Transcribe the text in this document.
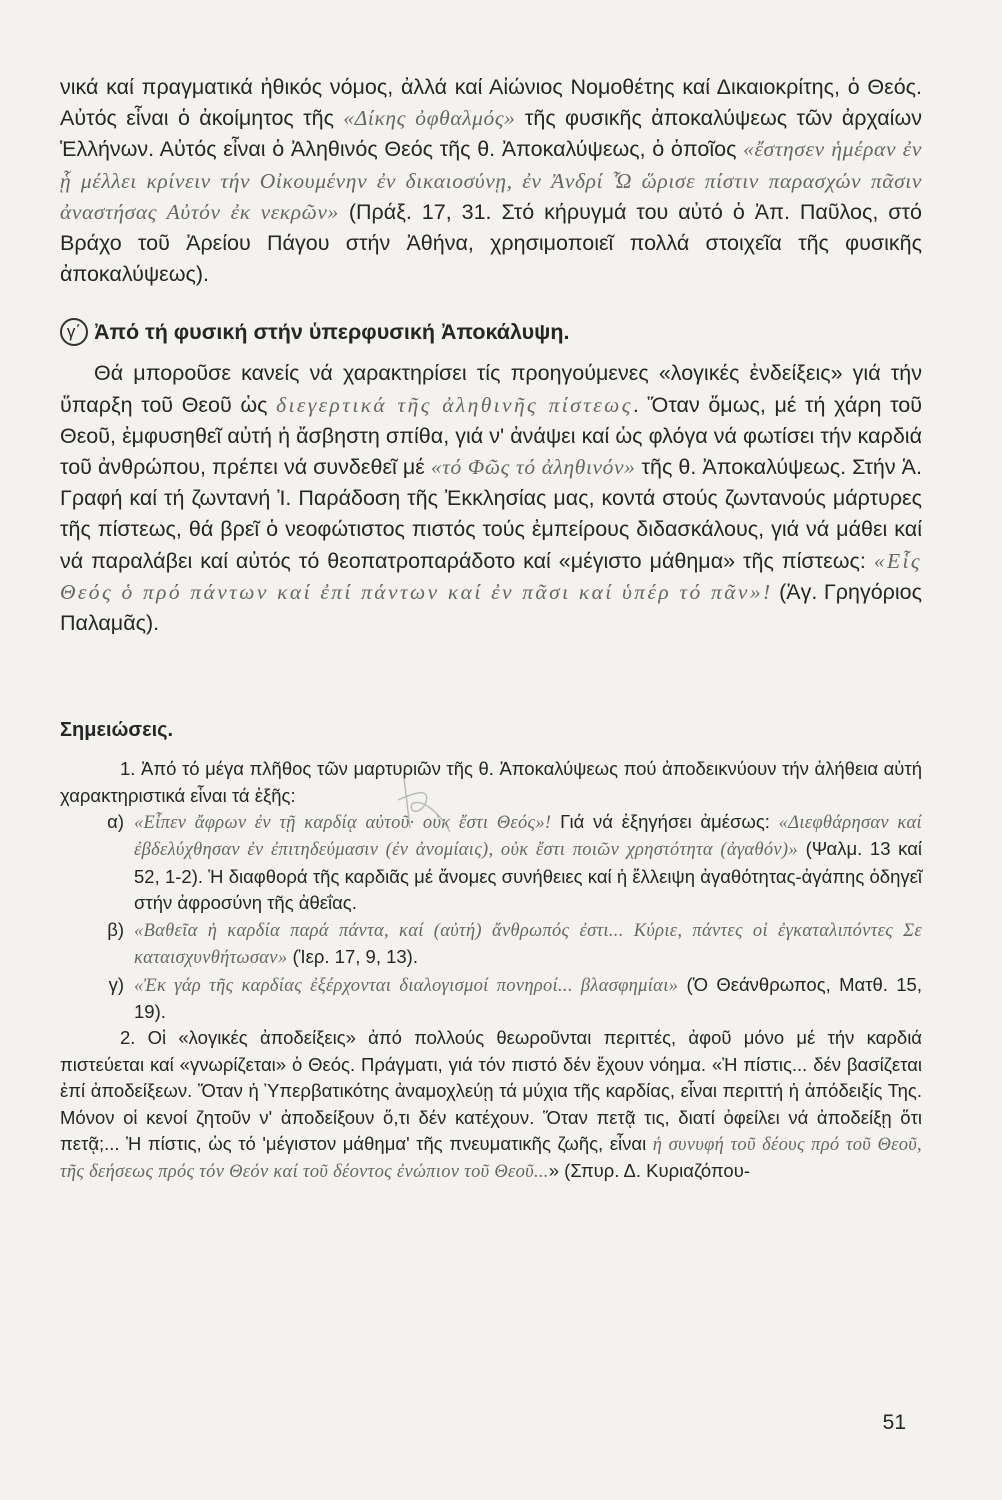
νικά καί πραγματικά ἠθικός νόμος, ἀλλά καί Αἰώνιος Νομοθέτης καί Δικαιοκρίτης, ὁ Θεός. Αὐτός εἶναι ὁ ἀκοίμητος τῆς «Δίκης ὀφθαλμός» τῆς φυσικῆς ἀποκαλύψεως τῶν ἀρχαίων Ἑλλήνων. Αὐτός εἶναι ὁ Ἀληθινός Θεός τῆς θ. Ἀποκαλύψεως, ὁ ὁποῖος «ἔστησεν ἡμέραν ἐν ᾗ μέλλει κρίνειν τήν Οἰκουμένην ἐν δικαιοσύνῃ, ἐν Ἀνδρί Ὧ ὥρισε πίστιν παρασχών πᾶσιν ἀναστήσας Αὐτόν ἐκ νεκρῶν» (Πράξ. 17, 31. Στό κήρυγμά του αὐτό ὁ Ἀπ. Παῦλος, στό Βράχο τοῦ Ἀρείου Πάγου στήν Ἀθήνα, χρησιμοποιεῖ πολλά στοιχεῖα τῆς φυσικῆς ἀποκαλύψεως).

γ΄ Ἀπό τή φυσική στήν ὑπερφυσική Ἀποκάλυψη.

Θά μποροῦσε κανείς νά χαρακτηρίσει τίς προηγούμενες «λογικές ἐνδείξεις» γιά τήν ὕπαρξη τοῦ Θεοῦ ὡς διεγερτικά τῆς ἀληθινῆς πίστεως. Ὅταν ὅμως, μέ τή χάρη τοῦ Θεοῦ, ἐμφυσηθεῖ αὐτή ἡ ἄσβηστη σπίθα, γιά ν' ἀνάψει καί ὡς φλόγα νά φωτίσει τήν καρδιά τοῦ ἀνθρώπου, πρέπει νά συνδεθεῖ μέ «τό Φῶς τό ἀληθινόν» τῆς θ. Ἀποκαλύψεως. Στήν Ἁ. Γραφή καί τή ζωντανή Ἱ. Παράδοση τῆς Ἐκκλησίας μας, κοντά στούς ζωντανούς μάρτυρες τῆς πίστεως, θά βρεῖ ὁ νεοφώτιστος πιστός τούς ἐμπείρους διδασκάλους, γιά νά μάθει καί νά παραλάβει καί αὐτός τό θεοπατροπαράδοτο καί «μέγιστο μάθημα» τῆς πίστεως: «Εἷς Θεός ὁ πρό πάντων καί ἐπί πάντων καί ἐν πᾶσι καί ὑπέρ τό πᾶν»! (Ἁγ. Γρηγόριος Παλαμᾶς).

Σημειώσεις.
1. Ἀπό τό μέγα πλῆθος τῶν μαρτυριῶν τῆς θ. Ἀποκαλύψεως πού ἀποδεικνύουν τήν ἀλήθεια αὐτή χαρακτηριστικά εἶναι τά ἑξῆς:
α) «Εἶπεν ἄφρων ἐν τῇ καρδίᾳ αὐτοῦ· οὐκ ἔστι Θεός»! Γιά νά ἐξηγήσει ἀμέσως: «Διεφθάρησαν καί ἐβδελύχθησαν ἐν ἐπιτηδεύμασιν (ἐν ἀνομίαις), οὐκ ἔστι ποιῶν χρηστότητα (ἀγαθόν)» (Ψαλμ. 13 καί 52, 1-2). Ἡ διαφθορά τῆς καρδιᾶς μέ ἄνομες συνήθειες καί ἡ ἔλλειψη ἀγαθότητας-ἀγάπης ὁδηγεῖ στήν ἀφροσύνη τῆς ἀθεΐας.
β) «Βαθεῖα ἡ καρδία παρά πάντα, καί (αὐτή) ἄνθρωπός ἐστι... Κύριε, πάντες οἱ ἐγκαταλιπόντες Σε καταισχυνθήτωσαν» (Ἱερ. 17, 9, 13).
γ) «Ἐκ γάρ τῆς καρδίας ἐξέρχονται διαλογισμοί πονηροί... βλασφημίαι» (Ὁ Θεάνθρωπος, Ματθ. 15, 19).
2. Οἱ «λογικές ἀποδείξεις» ἀπό πολλούς θεωροῦνται περιττές, ἀφοῦ μόνο μέ τήν καρδιά πιστεύεται καί «γνωρίζεται» ὁ Θεός. Πράγματι, γιά τόν πιστό δέν ἔχουν νόημα. «Ἡ πίστις... δέν βασίζεται ἐπί ἀποδείξεων. Ὅταν ἡ Ὑπερβατικότης ἀναμοχλεύῃ τά μύχια τῆς καρδίας, εἶναι περιττή ἡ ἀπόδειξίς Της. Μόνον οἱ κενοί ζητοῦν ν' ἀποδείξουν ὅ,τι δέν κατέχουν. Ὅταν πετᾷ τις, διατί ὀφείλει νά ἀποδείξῃ ὅτι πετᾷ;... Ἡ πίστις, ὡς τό 'μέγιστον μάθημα' τῆς πνευματικῆς ζωῆς, εἶναι ἡ συνυφή τοῦ δέους πρό τοῦ Θεοῦ, τῆς δεήσεως πρός τόν Θεόν καί τοῦ δέοντος ἐνώπιον τοῦ Θεοῦ...» (Σπυρ. Δ. Κυριαζόπου-
51
